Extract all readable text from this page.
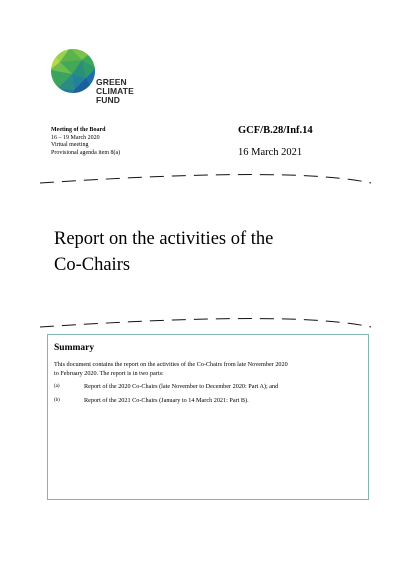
GREEN
CLIMATE
FUND
Meeting of the Board
16 – 19 March 2020
Virtual meeting
Provisional agenda item 8(a)
GCF/B.28/Inf.14
16 March 2021
Report on the activities of the
Co-Chairs
Summary
This document contains the report on the activities of the Co-Chairs from late November 2020
to February 2020. The report is in two parts:
(a)	Report of the 2020 Co-Chairs (late November to December 2020: Part A); and
(b)	Report of the 2021 Co-Chairs (January to 14 March 2021: Part B).
